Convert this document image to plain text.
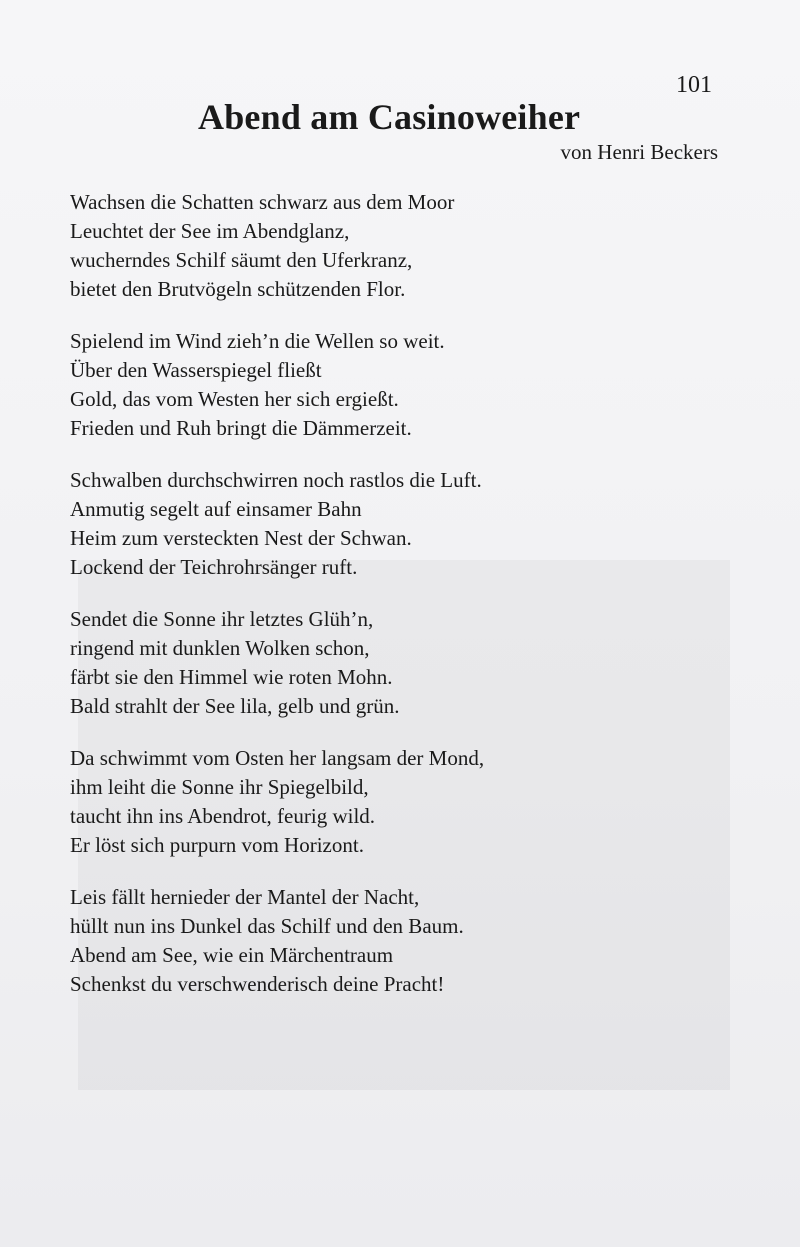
101
Abend am Casinoweiher
von Henri Beckers
Wachsen die Schatten schwarz aus dem Moor
Leuchtet der See im Abendglanz,
wucherndes Schilf säumt den Uferkranz,
bietet den Brutvögeln schützenden Flor.
Spielend im Wind zieh’n die Wellen so weit.
Über den Wasserspiegel fließt
Gold, das vom Westen her sich ergießt.
Frieden und Ruh bringt die Dämmerzeit.
Schwalben durchschwirren noch rastlos die Luft.
Anmutig segelt auf einsamer Bahn
Heim zum versteckten Nest der Schwan.
Lockend der Teichrohrsänger ruft.
Sendet die Sonne ihr letztes Glüh’n,
ringend mit dunklen Wolken schon,
färbt sie den Himmel wie roten Mohn.
Bald strahlt der See lila, gelb und grün.
Da schwimmt vom Osten her langsam der Mond,
ihm leiht die Sonne ihr Spiegelbild,
taucht ihn ins Abendrot, feurig wild.
Er löst sich purpurn vom Horizont.
Leis fällt hernieder der Mantel der Nacht,
hüllt nun ins Dunkel das Schilf und den Baum.
Abend am See, wie ein Märchentraum
Schenkst du verschwenderisch deine Pracht!
